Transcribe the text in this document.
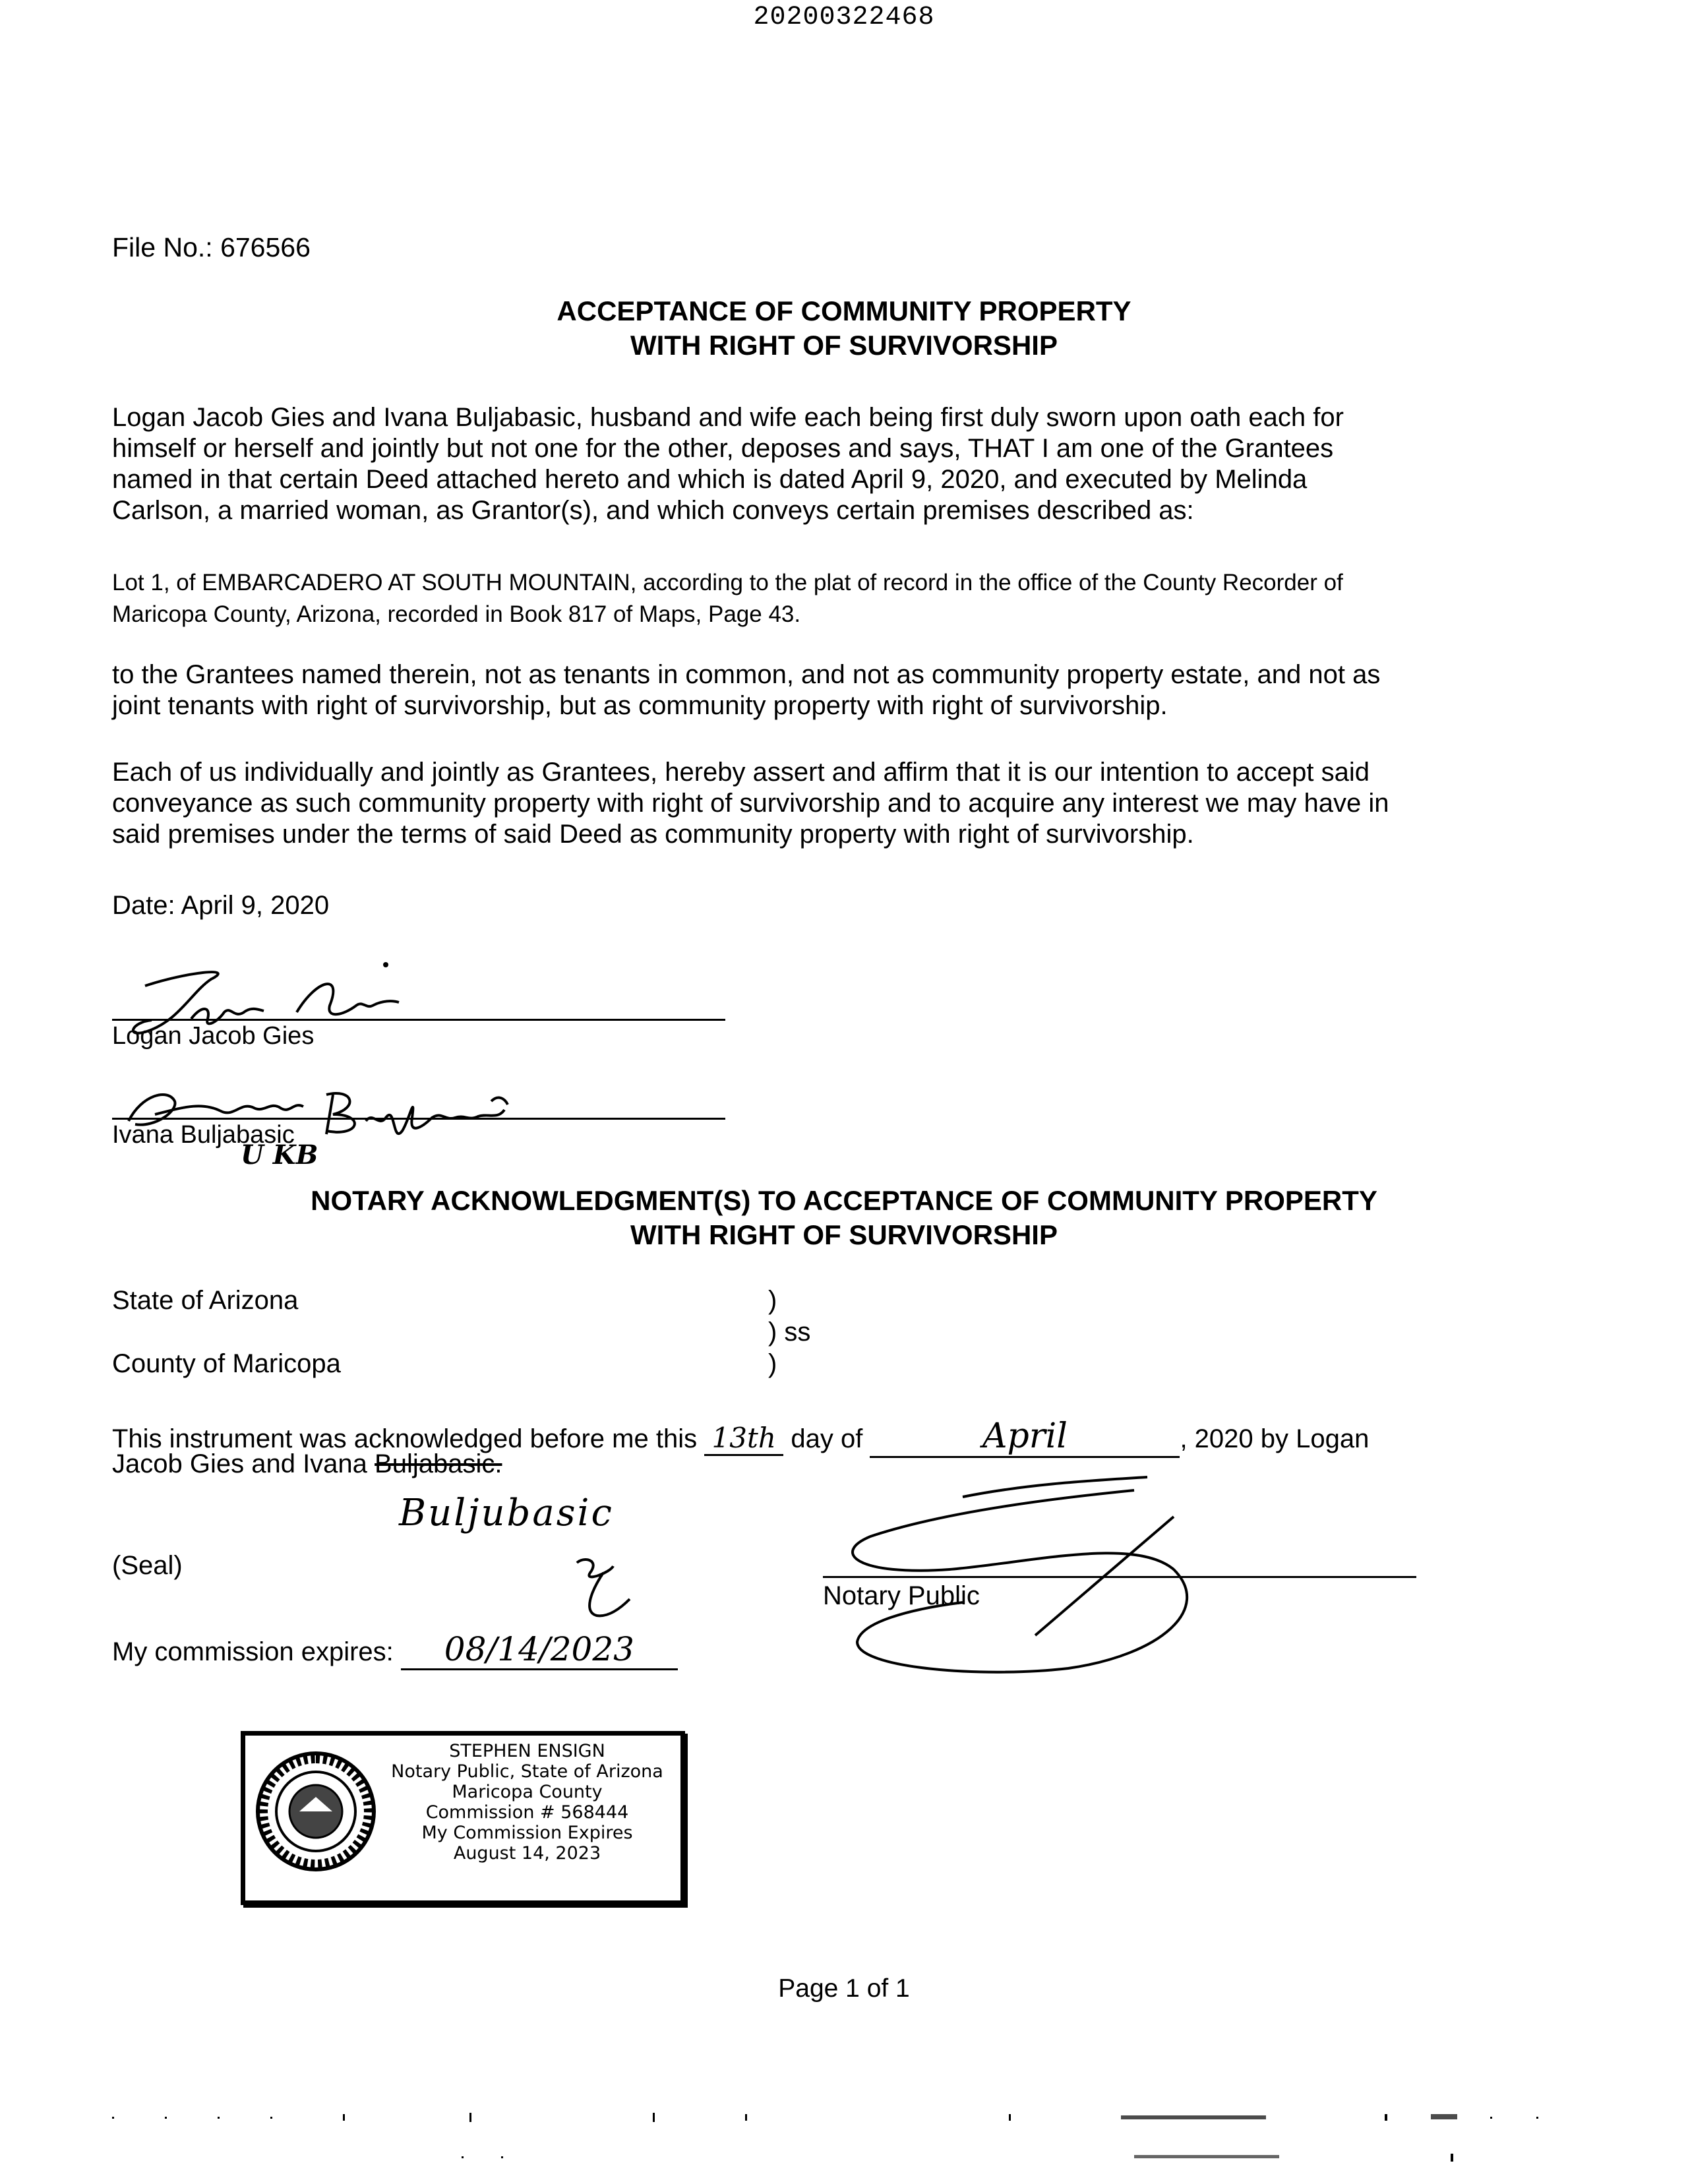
20200322468
File No.: 676566
ACCEPTANCE OF COMMUNITY PROPERTY
WITH RIGHT OF SURVIVORSHIP
Logan Jacob Gies and Ivana Buljabasic, husband and wife each being first duly sworn upon oath each for
himself or herself and jointly but not one for the other, deposes and says, THAT I am one of the Grantees
named in that certain Deed attached hereto and which is dated April 9, 2020, and executed by Melinda
Carlson, a married woman, as Grantor(s), and which conveys certain premises described as:
Lot 1, of EMBARCADERO AT SOUTH MOUNTAIN, according to the plat of record in the office of the County Recorder of
Maricopa County, Arizona, recorded in Book 817 of Maps, Page 43.
to the Grantees named therein, not as tenants in common, and not as community property estate, and not as
joint tenants with right of survivorship, but as community property with right of survivorship.
Each of us individually and jointly as Grantees, hereby assert and affirm that it is our intention to accept said
conveyance as such community property with right of survivorship and to acquire any interest we may have in
said premises under the terms of said Deed as community property with right of survivorship.
Date: April 9, 2020
Logan Jacob Gies
Ivana Buljabasic
U KB
NOTARY ACKNOWLEDGMENT(S) TO ACCEPTANCE OF COMMUNITY PROPERTY
WITH RIGHT OF SURVIVORSHIP
State of Arizona
County of Maricopa
)
) ss
)
This instrument was acknowledged before me this 13th day of	April	, 2020 by Logan
Jacob Gies and Ivana Buljabasic.
Buljubasic
(Seal)
Notary Public
My commission expires: 08/14/2023
STEPHEN ENSIGN
Notary Public, State of Arizona
Maricopa County
Commission # 568444
My Commission Expires
August 14, 2023
Page 1 of 1
